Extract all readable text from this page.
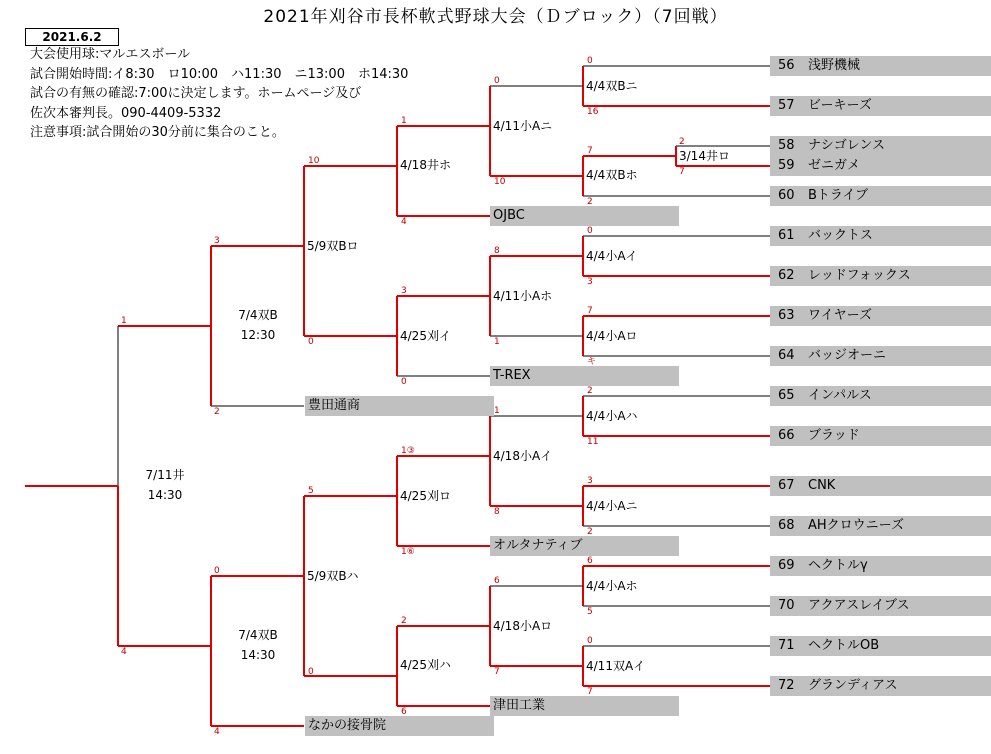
2021年刈谷市長杯軟式野球大会（Ｄブロック）（7回戦）
2021.6.2
大会使用球:マルエスボール
試合開始時間:イ8:30　ロ10:00　ハ11:30　ニ13:00　ホ14:30
試合の有無の確認:7:00に決定します。ホームページ及び
佐次本審判長。090-4409-5332
注意事項:試合開始の30分前に集合のこと。
56 浅野機械
57 ビーキーズ
58 ナシゴレンス
59 ゼニガメ
60 Bトライブ
61 バックトス
62 レッドフォックス
63 ワイヤーズ
64 バッジオーニ
65 インパルス
66 ブラッド
67 CNK
68 AHクロウニーズ
69 ヘクトルγ
70 アクアスレイブス
71 ヘクトルOB
72 グランディアス
OJBC
T-REX
オルタナティブ
津田工業
豊田通商
なかの接骨院
3/14井ロ
4/4双Bニ
4/4双Bホ
4/4小Aイ
4/4小Aロ
4/4小Aハ
4/4小Aニ
4/4小Aホ
4/11双Aイ
4/11小Aニ
4/11小Aホ
4/18小Aイ
4/18小Aロ
4/18井ホ
4/25刈イ
4/25刈ロ
4/25刈ハ
5/9双Bロ
5/9双Bハ
7/4双B
12:30
7/4双B
14:30
7/11井
14:30
0
16
2
7
7
2
0
3
7
キ
2
11
3
2
6
5
0
7
0
10
8
1
1
8
6
7
1
4
3
0
1③
1⑥
2
6
10
0
5
0
3
2
0
4
1
4
